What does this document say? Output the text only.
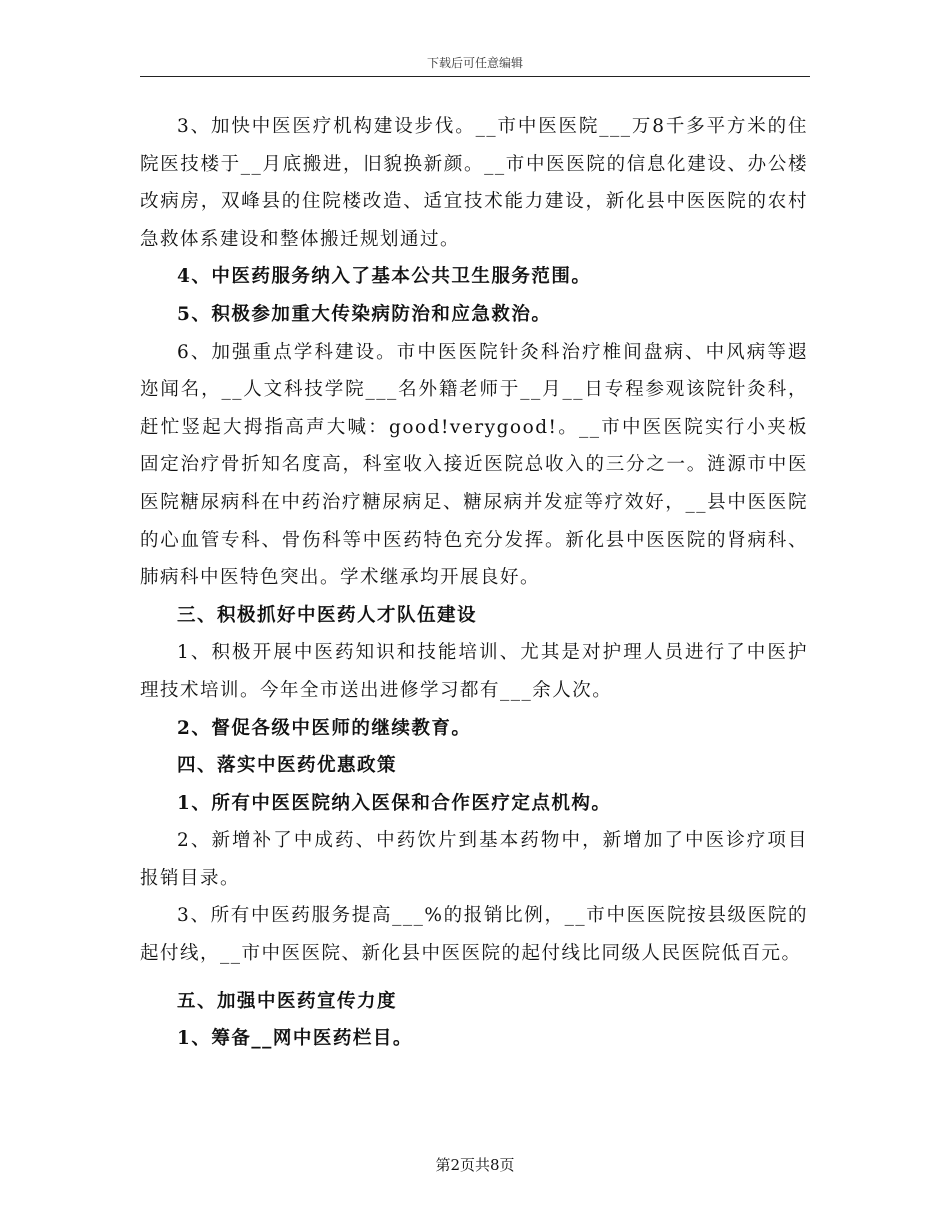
下载后可任意编辑

3、加快中医医疗机构建设步伐。__市中医医院___万8千多平方米的住院医技楼于__月底搬进，旧貌换新颜。__市中医医院的信息化建设、办公楼改病房，双峰县的住院楼改造、适宜技术能力建设，新化县中医医院的农村急救体系建设和整体搬迁规划通过。

4、中医药服务纳入了基本公共卫生服务范围。

5、积极参加重大传染病防治和应急救治。

6、加强重点学科建设。市中医医院针灸科治疗椎间盘病、中风病等遐迩闻名，__人文科技学院___名外籍老师于__月__日专程参观该院针灸科，赶忙竖起大拇指高声大喊：good!verygood!。__市中医医院实行小夹板固定治疗骨折知名度高，科室收入接近医院总收入的三分之一。涟源市中医医院糖尿病科在中药治疗糖尿病足、糖尿病并发症等疗效好，__县中医医院的心血管专科、骨伤科等中医药特色充分发挥。新化县中医医院的肾病科、肺病科中医特色突出。学术继承均开展良好。

三、积极抓好中医药人才队伍建设

1、积极开展中医药知识和技能培训、尤其是对护理人员进行了中医护理技术培训。今年全市送出进修学习都有___余人次。

2、督促各级中医师的继续教育。

四、落实中医药优惠政策

1、所有中医医院纳入医保和合作医疗定点机构。

2、新增补了中成药、中药饮片到基本药物中，新增加了中医诊疗项目报销目录。

3、所有中医药服务提高___%的报销比例，__市中医医院按县级医院的起付线，__市中医医院、新化县中医医院的起付线比同级人民医院低百元。

五、加强中医药宣传力度

1、筹备__网中医药栏目。

第2页共8页
